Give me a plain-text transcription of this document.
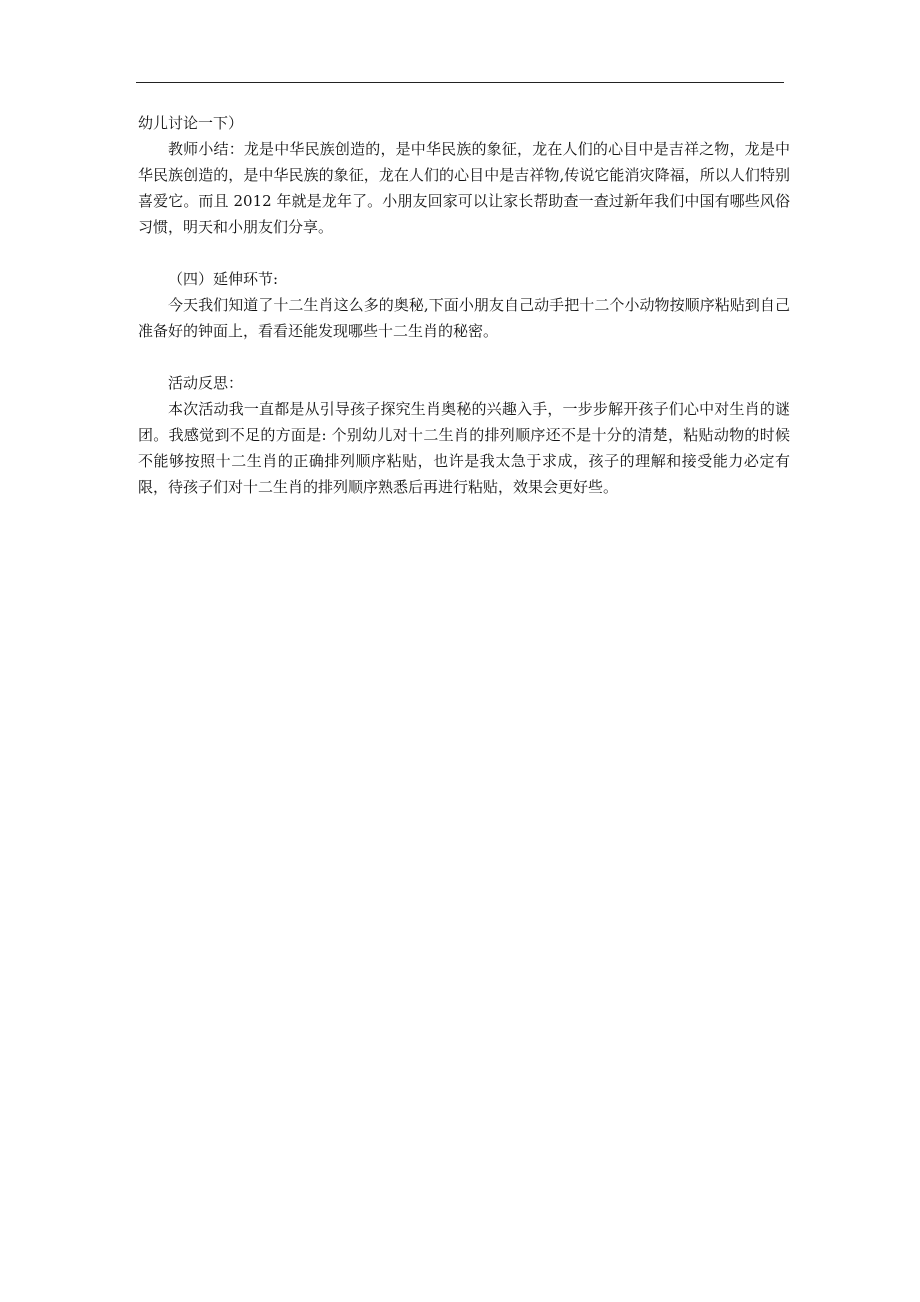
幼儿讨论一下）

教师小结：龙是中华民族创造的，是中华民族的象征，龙在人们的心目中是吉祥之物，龙是中华民族创造的，是中华民族的象征，龙在人们的心目中是吉祥物,传说它能消灾降福，所以人们特别喜爱它。而且 2012 年就是龙年了。小朋友回家可以让家长帮助查一查过新年我们中国有哪些风俗习惯，明天和小朋友们分享。

（四）延伸环节:

今天我们知道了十二生肖这么多的奥秘,下面小朋友自己动手把十二个小动物按顺序粘贴到自己准备好的钟面上，看看还能发现哪些十二生肖的秘密。

活动反思：

本次活动我一直都是从引导孩子探究生肖奥秘的兴趣入手，一步步解开孩子们心中对生肖的谜团。我感觉到不足的方面是: 个别幼儿对十二生肖的排列顺序还不是十分的清楚，粘贴动物的时候不能够按照十二生肖的正确排列顺序粘贴，也许是我太急于求成，孩子的理解和接受能力必定有限，待孩子们对十二生肖的排列顺序熟悉后再进行粘贴，效果会更好些。
